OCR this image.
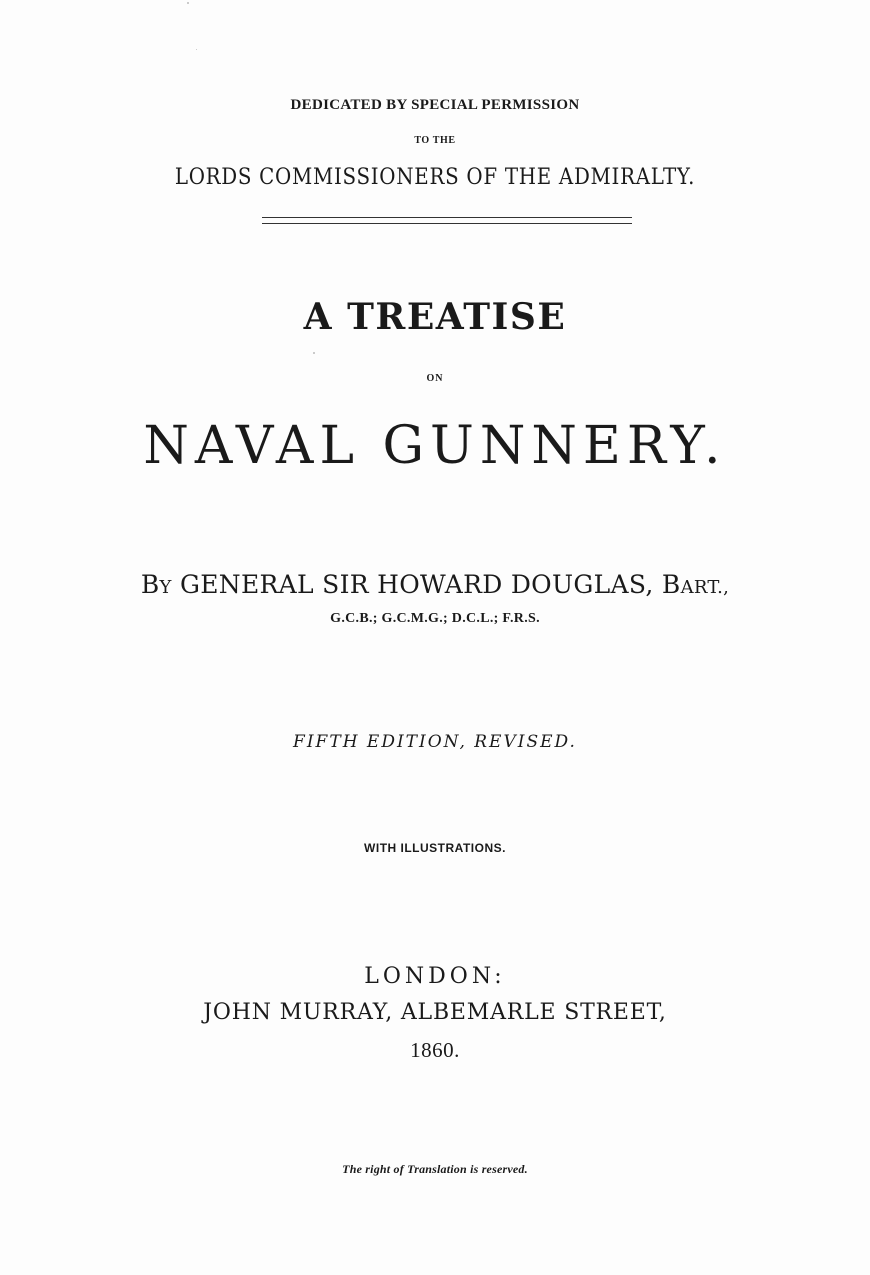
DEDICATED BY SPECIAL PERMISSION
TO THE
LORDS COMMISSIONERS OF THE ADMIRALTY.
A TREATISE
ON
NAVAL GUNNERY.
BY GENERAL SIR HOWARD DOUGLAS, BART.,
G.C.B.; G.C.M.G.; D.C.L.; F.R.S.
FIFTH EDITION, REVISED.
WITH ILLUSTRATIONS.
LONDON:
JOHN MURRAY, ALBEMARLE STREET,
1860.
The right of Translation is reserved.
